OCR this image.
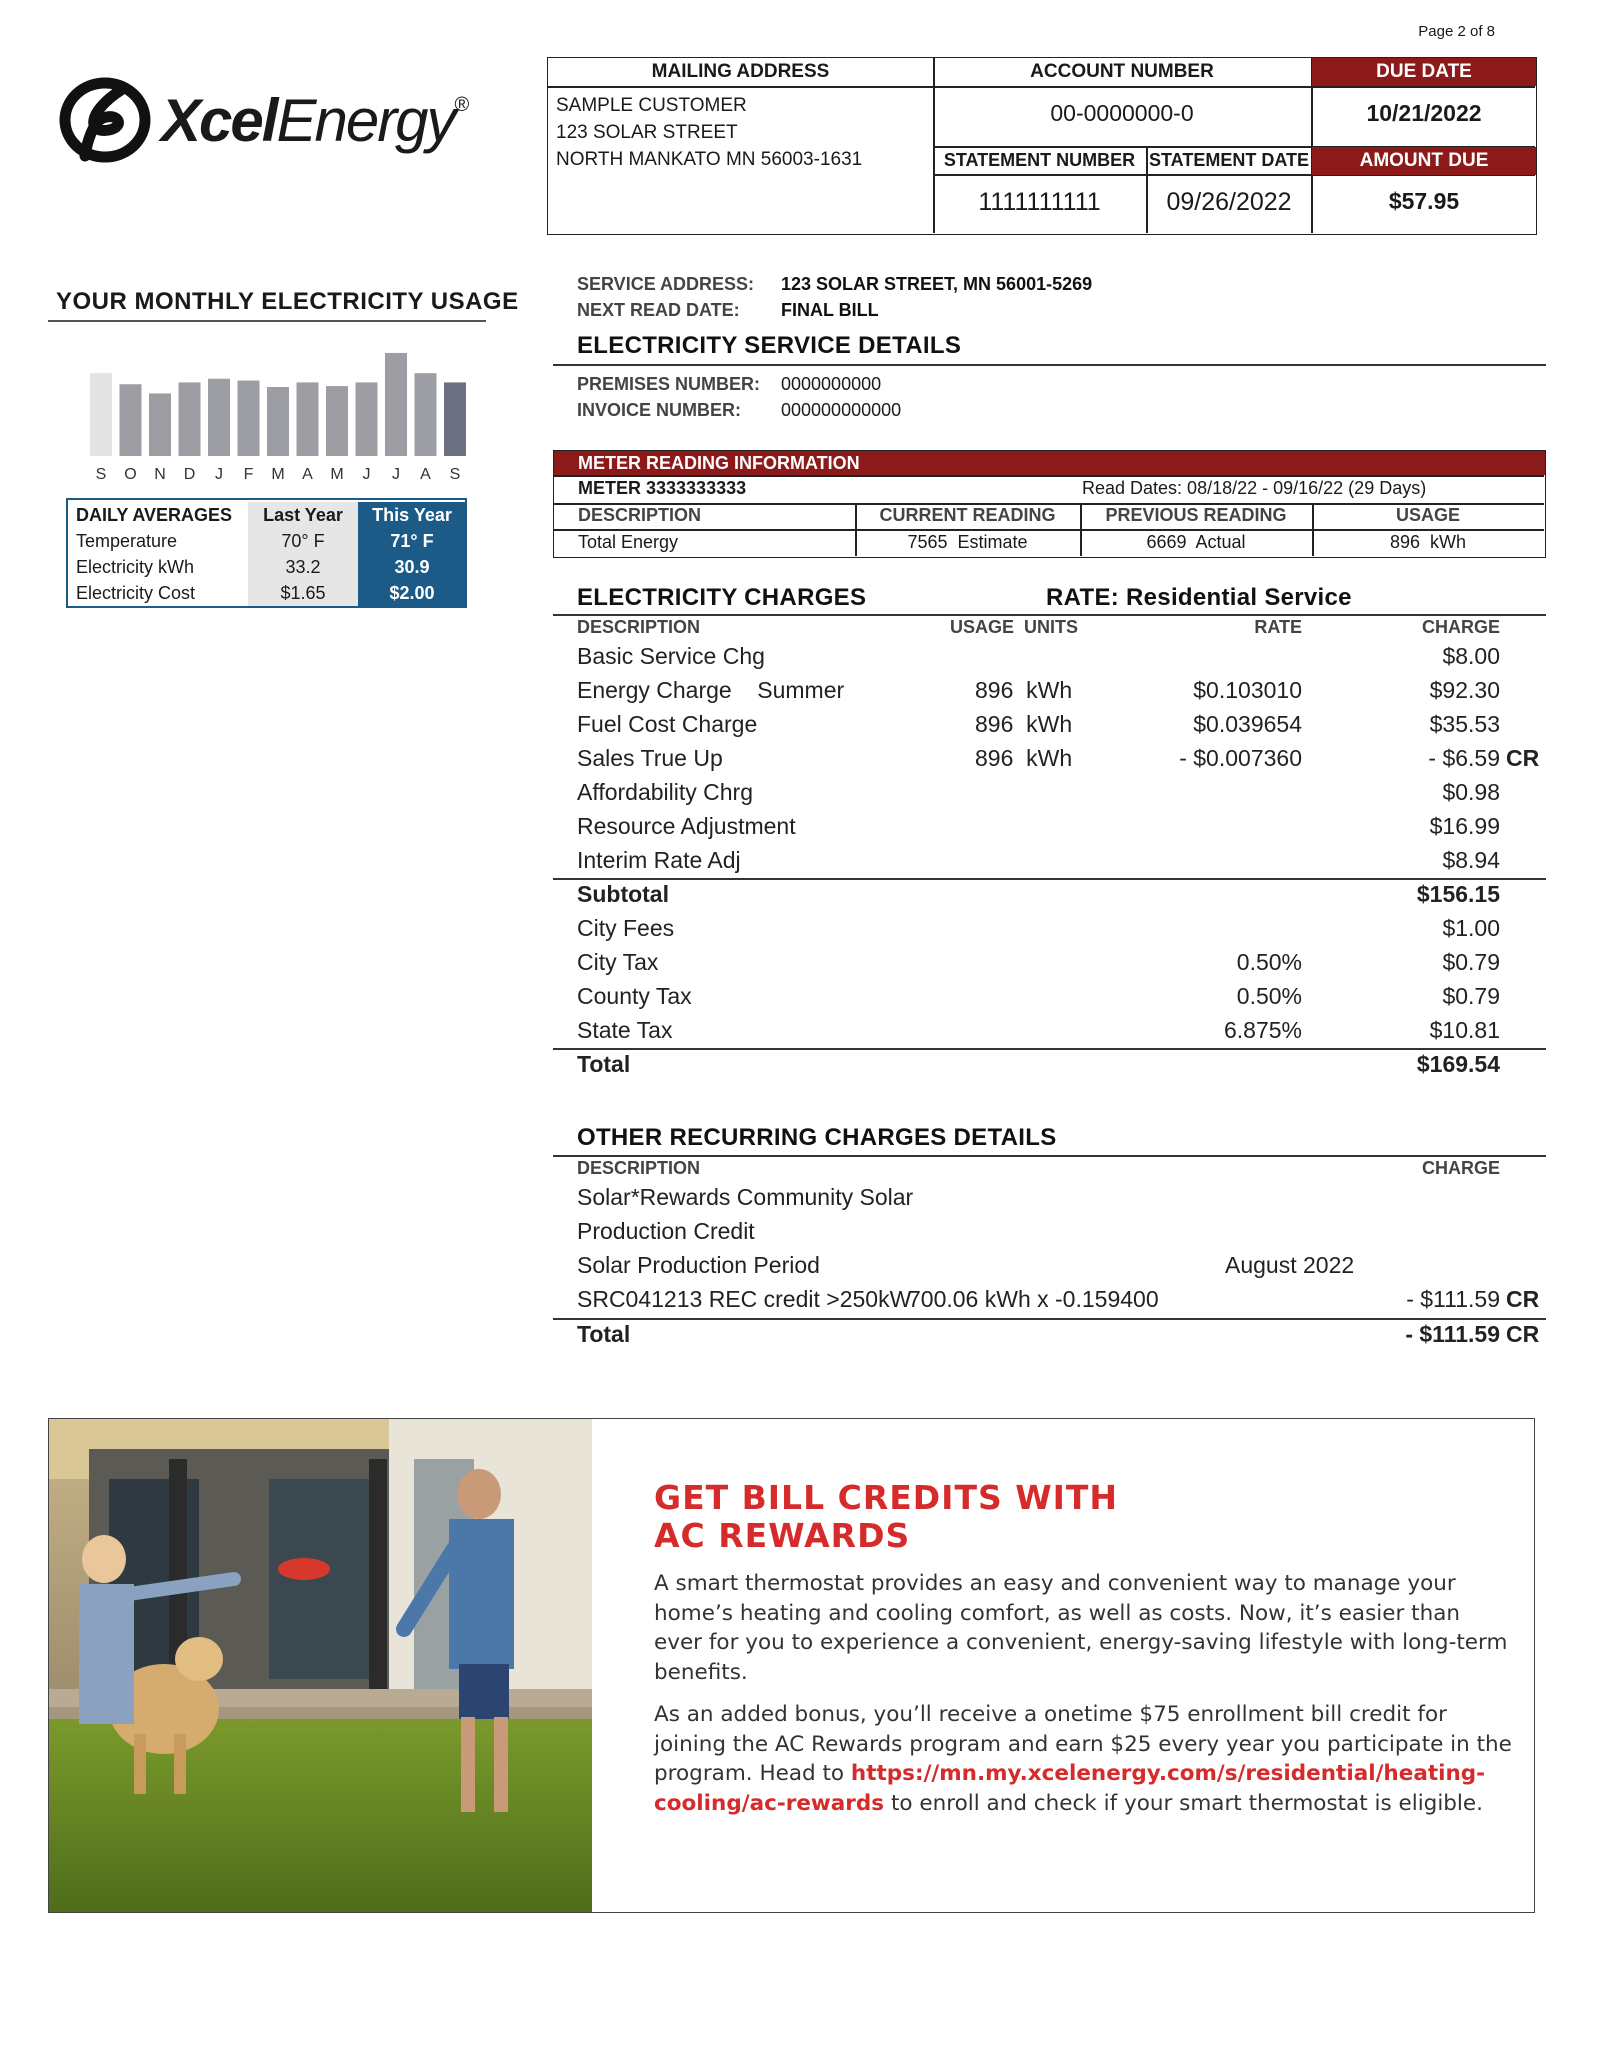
Page 2 of 8
XcelEnergy®
MAILING ADDRESS
SAMPLE CUSTOMER
123 SOLAR STREET
NORTH MANKATO MN 56003-1631
ACCOUNT NUMBER
00-0000000-0
DUE DATE
10/21/2022
STATEMENT NUMBER STATEMENT DATE	AMOUNT DUE
1111111111	09/26/2022	$57.95
YOUR MONTHLY ELECTRICITY USAGE
S O N D J F M A M J J A S
DAILY AVERAGES	Last Year	This Year
Temperature	70° F	71° F
Electricity kWh	33.2	30.9
Electricity Cost	$1.65	$2.00
SERVICE ADDRESS: 123 SOLAR STREET, MN 56001-5269
NEXT READ DATE: FINAL BILL
ELECTRICITY SERVICE DETAILS
PREMISES NUMBER: 0000000000
INVOICE NUMBER: 000000000000
METER READING INFORMATION
METER 3333333333	Read Dates: 08/18/22 - 09/16/22 (29 Days)
DESCRIPTION	CURRENT READING	PREVIOUS READING	USAGE
Total Energy	7565  Estimate	6669  Actual	896  kWh
ELECTRICITY CHARGES	RATE: Residential Service
DESCRIPTION	USAGE  UNITS	RATE	CHARGE
Basic Service Chg	$8.00
Energy Charge    Summer	896  kWh	$0.103010	$92.30
Fuel Cost Charge	896  kWh	$0.039654	$35.53
Sales True Up	896  kWh	- $0.007360	- $6.59 CR
Affordability Chrg	$0.98
Resource Adjustment	$16.99
Interim Rate Adj	$8.94
Subtotal	$156.15
City Fees	$1.00
City Tax	0.50%	$0.79
County Tax	0.50%	$0.79
State Tax	6.875%	$10.81
Total	$169.54
OTHER RECURRING CHARGES DETAILS
DESCRIPTION	CHARGE
Solar*Rewards Community Solar
Production Credit
Solar Production Period	August 2022
SRC041213 REC credit >250kW
700.06 kWh x -0.159400	- $111.59 CR
Total	- $111.59 CR
GET BILL CREDITS WITH
AC REWARDS
A smart thermostat provides an easy and convenient way to manage your home’s heating and cooling comfort, as well as costs. Now, it’s easier than ever for you to experience a convenient, energy-saving lifestyle with long-term benefits.
As an added bonus, you’ll receive a onetime $75 enrollment bill credit for joining the AC Rewards program and earn $25 every year you participate in the program. Head to https://mn.my.xcelenergy.com/s/residential/heating-cooling/ac-rewards to enroll and check if your smart thermostat is eligible.
